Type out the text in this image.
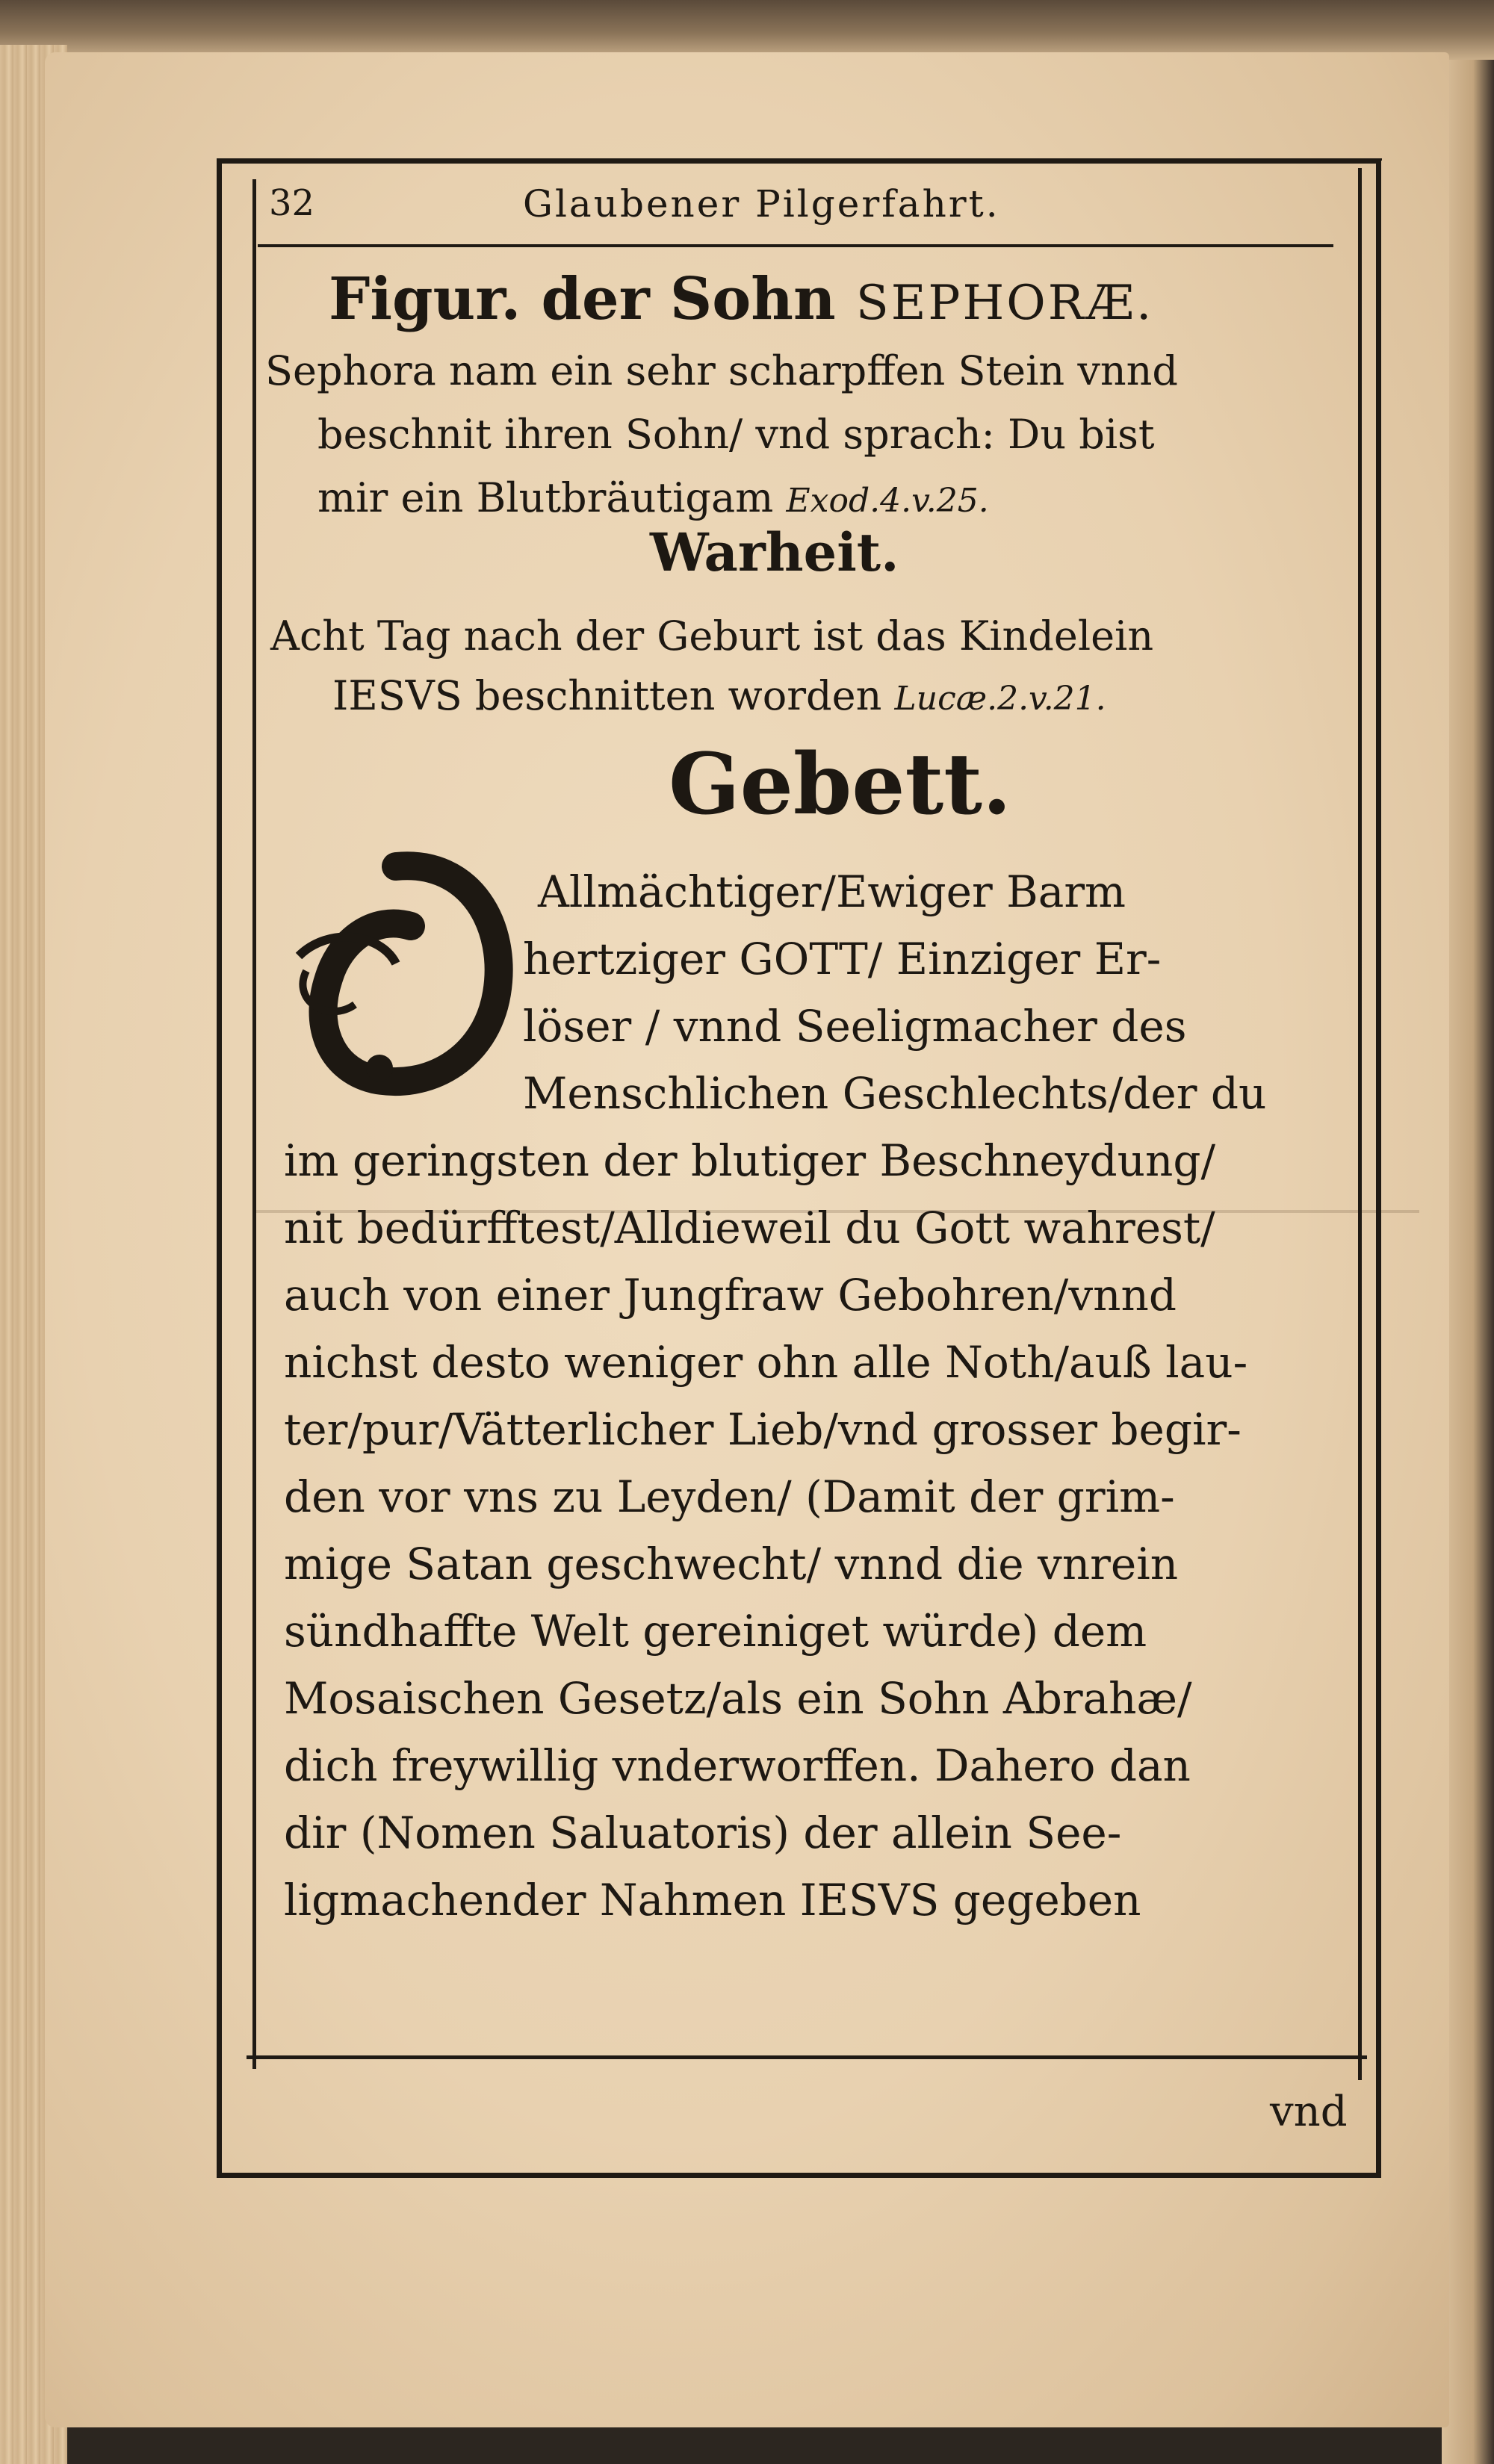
32	Glaubener Pilgerfahrt.
Figur. der Sohn SEPHORÆ.
Sephora nam ein sehr scharpffen Stein vnnd
beschnit ihren Sohn/ vnd sprach: Du bist
mir ein Blutbräutigam Exod.4.v.25.
Warheit.
Acht Tag nach der Geburt ist das Kindelein
IESVS beschnitten worden Lucæ.2.v.21.
Gebett.
O
Allmächtiger/Ewiger Barm
hertziger GOTT/ Einziger Er-
löser / vnnd Seeligmacher des
Menschlichen Geschlechts/der du
im geringsten der blutiger Beschneydung/
nit bedürfftest/Alldieweil du Gott wahrest/
auch von einer Jungfraw Gebohren/vnnd
nichst desto weniger ohn alle Noth/auß lau-
ter/pur/Vätterlicher Lieb/vnd grosser begir-
den vor vns zu Leyden/ (Damit der grim-
mige Satan geschwecht/ vnnd die vnrein
sündhaffte Welt gereiniget würde) dem
Mosaischen Gesetz/als ein Sohn Abrahæ/
dich freywillig vnderworffen. Dahero dan
dir (Nomen Saluatoris) der allein See-
ligmachender Nahmen IESVS gegeben
vnd
